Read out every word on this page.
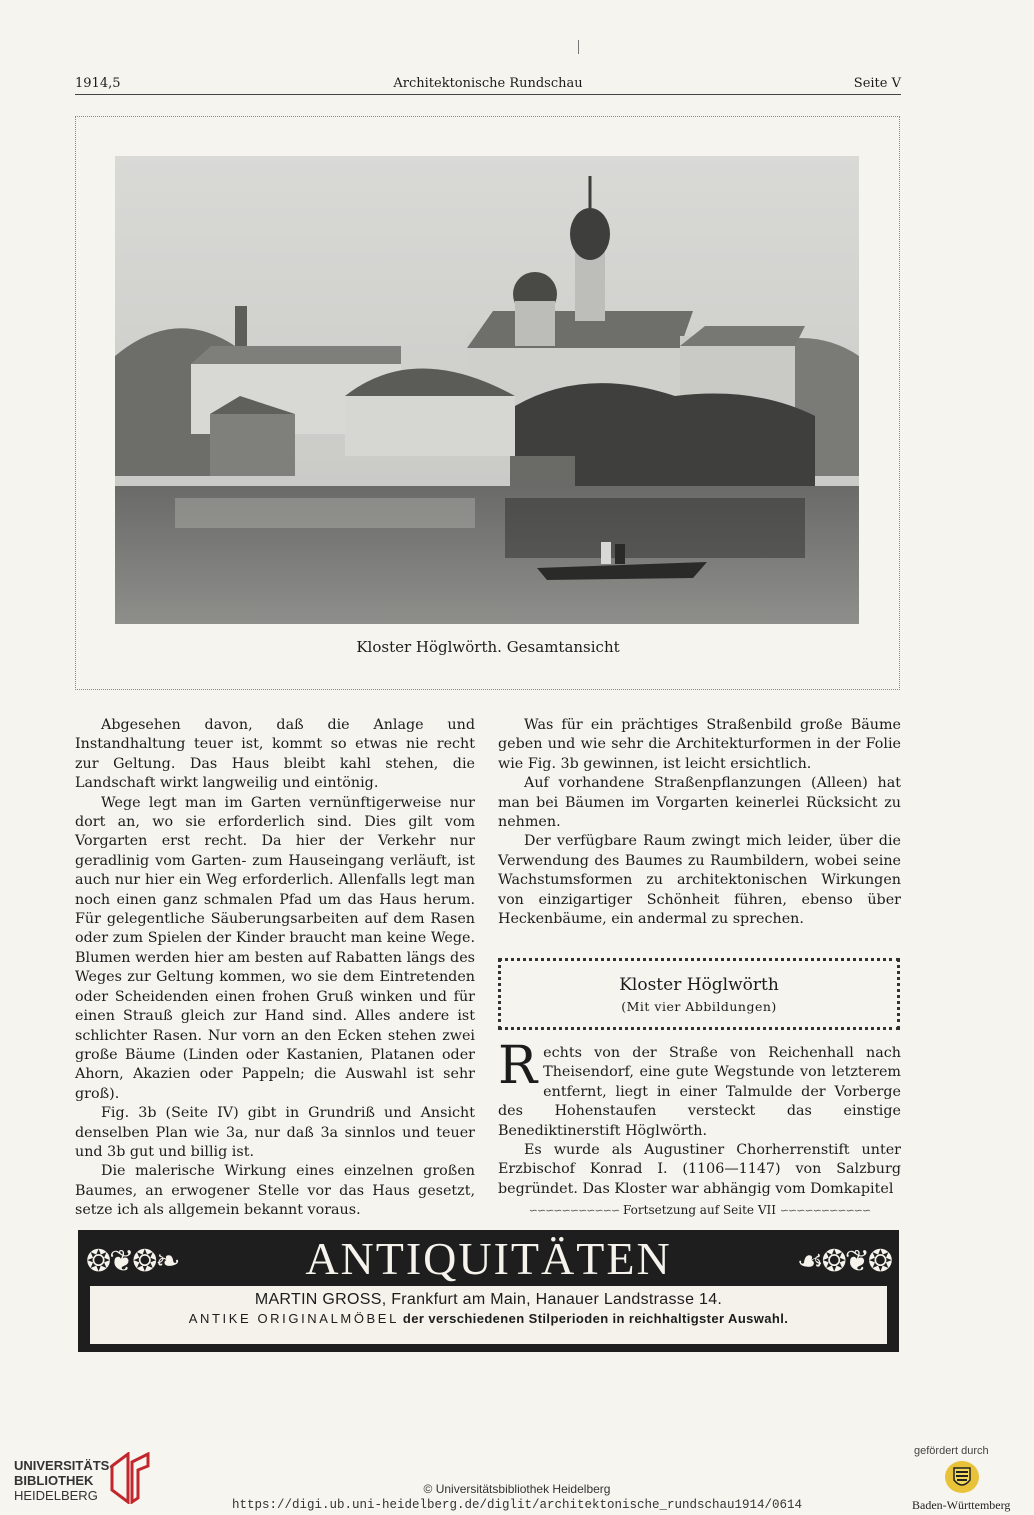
1914,5	Architektonische Rundschau	Seite V
Kloster Höglwörth. Gesamtansicht

Abgesehen davon, daß die Anlage und Instandhaltung teuer ist, kommt so etwas nie recht zur Geltung. Das Haus bleibt kahl stehen, die Landschaft wirkt langweilig und eintönig.

Wege legt man im Garten vernünftigerweise nur dort an, wo sie erforderlich sind. Dies gilt vom Vorgarten erst recht. Da hier der Verkehr nur geradlinig vom Garten- zum Hauseingang verläuft, ist auch nur hier ein Weg erforderlich. Allenfalls legt man noch einen ganz schmalen Pfad um das Haus herum. Für gelegentliche Säuberungsarbeiten auf dem Rasen oder zum Spielen der Kinder braucht man keine Wege. Blumen werden hier am besten auf Rabatten längs des Weges zur Geltung kommen, wo sie dem Eintretenden oder Scheidenden einen frohen Gruß winken und für einen Strauß gleich zur Hand sind. Alles andere ist schlichter Rasen. Nur vorn an den Ecken stehen zwei große Bäume (Linden oder Kastanien, Platanen oder Ahorn, Akazien oder Pappeln; die Auswahl ist sehr groß).

Fig. 3b (Seite IV) gibt in Grundriß und Ansicht denselben Plan wie 3a, nur daß 3a sinnlos und teuer und 3b gut und billig ist.

Die malerische Wirkung eines einzelnen großen Baumes, an erwogener Stelle vor das Haus gesetzt, setze ich als allgemein bekannt voraus.

Was für ein prächtiges Straßenbild große Bäume geben und wie sehr die Architekturformen in der Folie wie Fig. 3b gewinnen, ist leicht ersichtlich.

Auf vorhandene Straßenpflanzungen (Alleen) hat man bei Bäumen im Vorgarten keinerlei Rücksicht zu nehmen.

Der verfügbare Raum zwingt mich leider, über die Verwendung des Baumes zu Raumbildern, wobei seine Wachstumsformen zu architektonischen Wirkungen von einzigartiger Schönheit führen, ebenso über Heckenbäume, ein andermal zu sprechen.

Kloster Höglwörth
(Mit vier Abbildungen)

Rechts von der Straße von Reichenhall nach Theisendorf, eine gute Wegstunde von letzterem entfernt, liegt in einer Talmulde der Vorberge des Hohenstaufen versteckt das einstige Benediktinerstift Höglwörth.

Es wurde als Augustiner Chorherrenstift unter Erzbischof Konrad I. (1106—1147) von Salzburg begründet. Das Kloster war abhängig vom Domkapitel

∽∽∽∽∽∽∽∽∽∽∽ Fortsetzung auf Seite VII ∽∽∽∽∽∽∽∽∽∽∽
❂❦❂❧	ANTIQUITÄTEN	☙❂❦❂
MARTIN GROSS, Frankfurt am Main, Hanauer Landstrasse 14.
ANTIKE ORIGINALMÖBEL der verschiedenen Stilperioden in reichhaltigster Auswahl.
UNIVERSITÄTS-
BIBLIOTHEK
HEIDELBERG	© Universitätsbibliothek Heidelberg
https://digi.ub.uni-heidelberg.de/diglit/architektonische_rundschau1914/0614
gefördert durch
Baden-Württemberg
